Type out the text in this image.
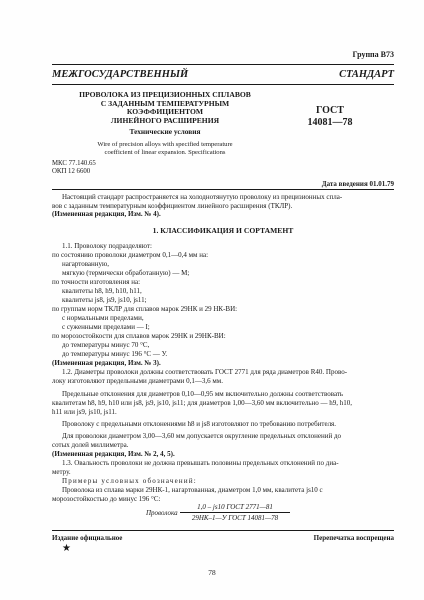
Группа В73
МЕЖГОСУДАРСТВЕННЫЙ СТАНДАРТ
ПРОВОЛОКА ИЗ ПРЕЦИЗИОННЫХ СПЛАВОВ
С ЗАДАННЫМ ТЕМПЕРАТУРНЫМ
КОЭФФИЦИЕНТОМ
ЛИНЕЙНОГО РАСШИРЕНИЯ
ГОСТ
14081—78
Технические условия
Wire of precision alloys with specified temperature
coefficient of linear expansion. Specifications
МКС 77.140.65
ОКП 12 6600
Дата введения 01.01.79
Настоящий стандарт распространяется на холоднотянутую проволоку из прецизионных спла-
вов с заданным температурным коэффициентом линейного расширения (ТКЛР).
(Измененная редакция, Изм. № 4).
1. КЛАССИФИКАЦИЯ И СОРТАМЕНТ
1.1. Проволоку подразделяют:
по состоянию проволоки диаметром 0,1—0,4 мм на:
нагартованную,
мягкую (термически обработанную) — М;
по точности изготовления на:
квалитеты h8, h9, h10, h11,
квалитеты js8, js9, js10, js11;
по группам норм ТКЛР для сплавов марок 29НК и 29 НК-ВИ:
с нормальными пределами,
с суженными пределами — I;
по морозостойкости для сплавов марок 29НК и 29НК-ВИ:
до температуры минус 70 °С,
до температуры минус 196 °С — У.
(Измененная редакция, Изм. № 3).
1.2. Диаметры проволоки должны соответствовать ГОСТ 2771 для ряда диаметров R40. Прово-
локу изготовляют предельными диаметрами 0,1—3,6 мм.
Предельные отклонения для диаметров 0,10—0,95 мм включительно должны соответствовать
квалитетам h8, h9, h10 или js8, js9, js10, js11; для диаметров 1,00—3,60 мм включительно — h9, h10,
h11 или js9, js10, js11.
Проволоку с предельными отклонениями h8 и js8 изготовляют по требованию потребителя.
Для проволоки диаметром 3,00—3,60 мм допускается округление предельных отклонений до
сотых долей миллиметра.
(Измененная редакция, Изм. № 2, 4, 5).
1.3. Овальность проволоки не должна превышать половины предельных отклонений по диа-
метру.
Примеры условных обозначений:
Проволока из сплава марки 29НК-1, нагартованная, диаметром 1,0 мм, квалитета js10 с
морозостойкостью до минус 196 °С:
Проволока
1,0 – js10 ГОСТ 2771—81
29НК–1—У ГОСТ 14081—78
Издание официальное	Перепечатка воспрещена
★
78
